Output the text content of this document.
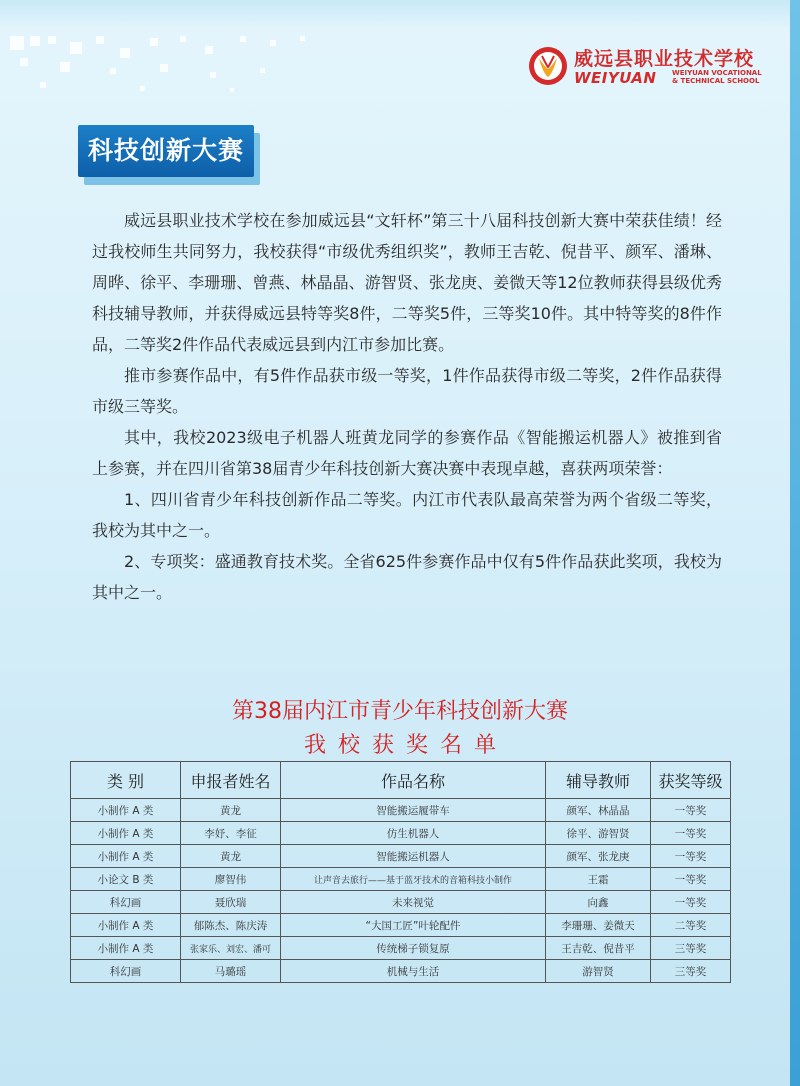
威远县职业技术学校
WEIYUAN WEIYUAN VOCATIONAL
& TECHNICAL SCHOOL
科技创新大赛

威远县职业技术学校在参加威远县“文轩杯”第三十八届科技创新大赛中荣获佳绩！经过我校师生共同努力，我校获得“市级优秀组织奖”，教师王吉乾、倪昔平、颜军、潘琳、周晔、徐平、李珊珊、曾燕、林晶晶、游智贤、张龙庚、姜微天等12位教师获得县级优秀科技辅导教师，并获得威远县特等奖8件，二等奖5件，三等奖10件。其中特等奖的8件作品，二等奖2件作品代表威远县到内江市参加比赛。

推市参赛作品中，有5件作品获市级一等奖，1件作品获得市级二等奖，2件作品获得市级三等奖。

其中，我校2023级电子机器人班黄龙同学的参赛作品《智能搬运机器人》被推到省上参赛，并在四川省第38届青少年科技创新大赛决赛中表现卓越，喜获两项荣誉：

1、四川省青少年科技创新作品二等奖。内江市代表队最高荣誉为两个省级二等奖，我校为其中之一。

2、专项奖：盛通教育技术奖。全省625件参赛作品中仅有5件作品获此奖项，我校为其中之一。

第38届内江市青少年科技创新大赛
我校获奖名单
类 别	申报者姓名	作品名称	辅导教师	获奖等级
小制作 A 类	黄龙	智能搬运履带车	颜军、林晶晶	一等奖
小制作 A 类	李妤、李征	仿生机器人	徐平、游智贤	一等奖
小制作 A 类	黄龙	智能搬运机器人	颜军、张龙庚	一等奖
小论文 B 类	廖智伟	让声音去旅行——基于蓝牙技术的音箱科技小制作	王霜	一等奖
科幻画	聂欣瑞	未来视觉	向鑫	一等奖
小制作 A 类	郁陈杰、陈庆涛	“大国工匠”叶轮配件	李珊珊、姜微天	二等奖
小制作 A 类	张家乐、刘宏、潘可	传统梯子锁复原	王吉乾、倪昔平	三等奖
科幻画	马璐瑶	机械与生活	游智贤	三等奖
